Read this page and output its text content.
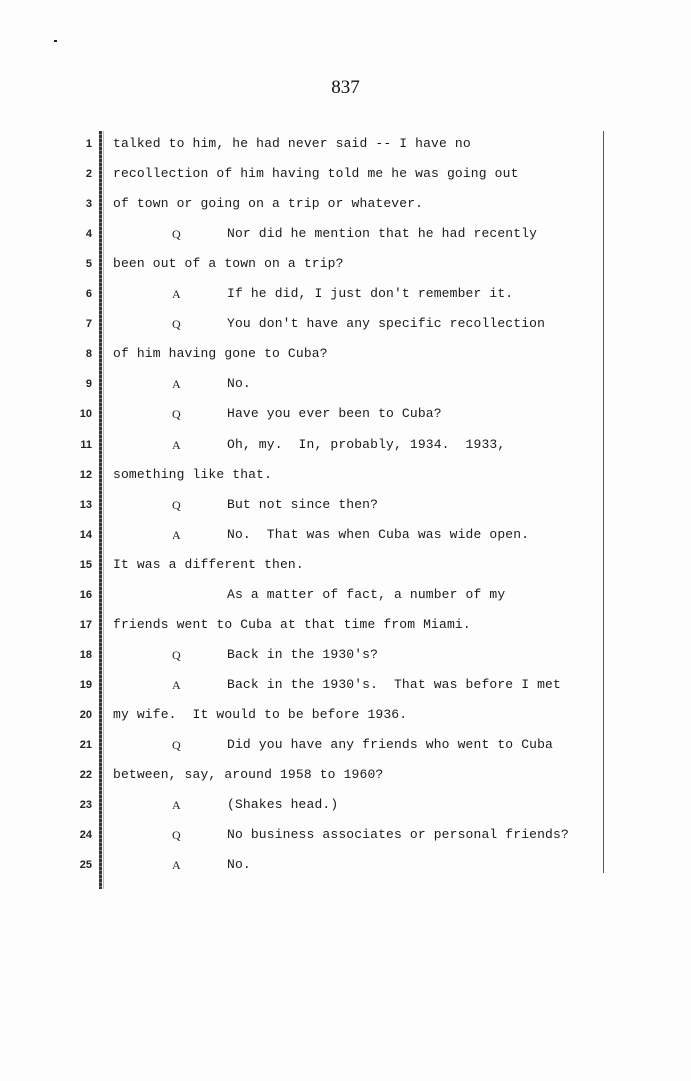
837
1 talked to him, he had never said -- I have no
2 recollection of him having told me he was going out
3 of town or going on a trip or whatever.
4	Q	Nor did he mention that he had recently
5 been out of a town on a trip?
6	A	If he did, I just don't remember it.
7	Q	You don't have any specific recollection
8 of him having gone to Cuba?
9	A	No.
10	Q	Have you ever been to Cuba?
11	A	Oh, my.  In, probably, 1934.  1933,
12 something like that.
13	Q	But not since then?
14	A	No.  That was when Cuba was wide open.
15 It was a different then.
16	As a matter of fact, a number of my
17 friends went to Cuba at that time from Miami.
18	Q	Back in the 1930's?
19	A	Back in the 1930's.  That was before I met
20 my wife.  It would to be before 1936.
21	Q	Did you have any friends who went to Cuba
22 between, say, around 1958 to 1960?
23	A	(Shakes head.)
24	Q	No business associates or personal friends?
25	A	No.
